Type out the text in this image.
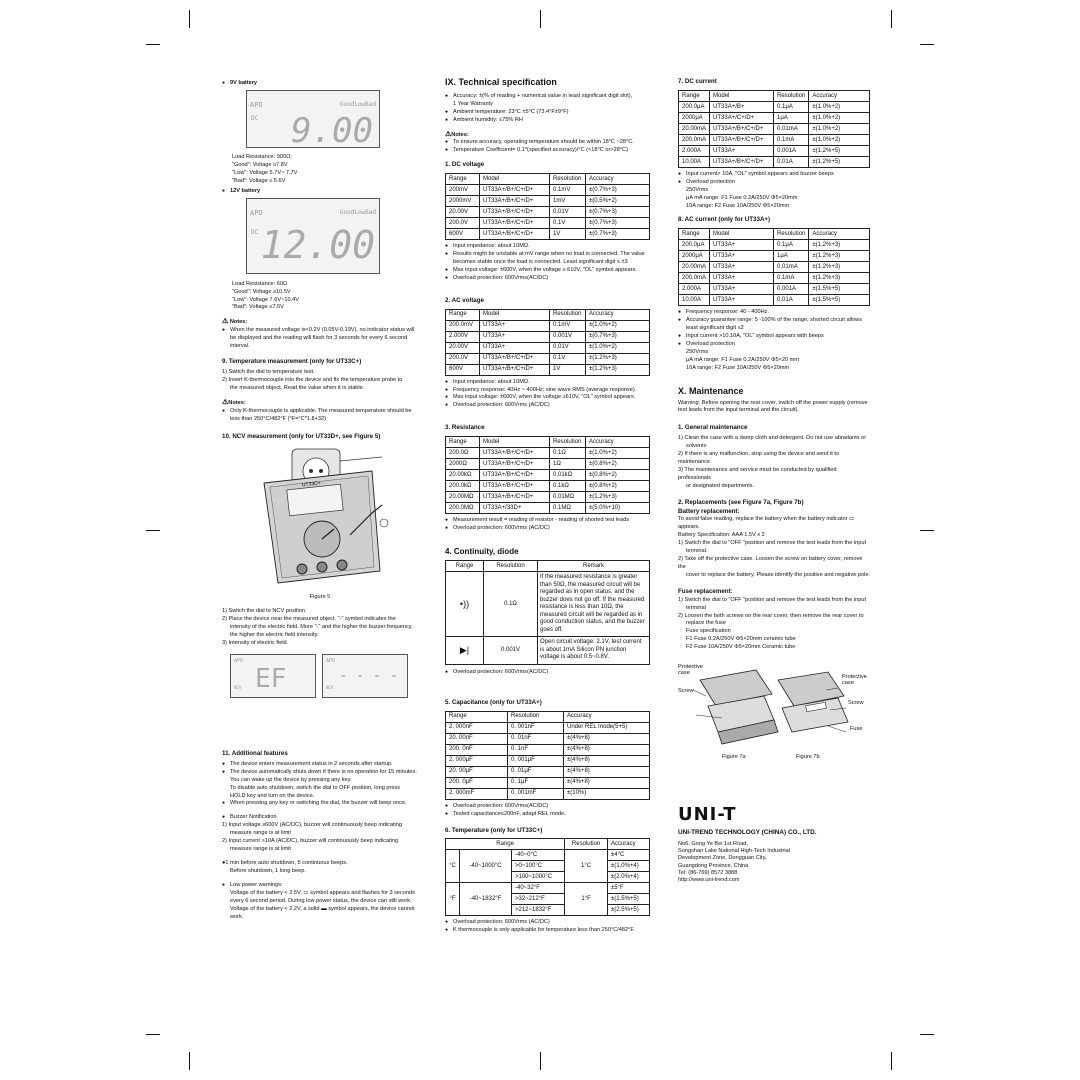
● 9V battery
APO
DC
GoodLowBad
9.00
Load Resistance: 900Ω;
"Good": Voltage ≥7.8V
"Low": Voltage 5.7V~ 7.7V
"Bad": Voltage ≤ 5.6V
● 12V battery
APO
DC
GoodLowBad
12.00
Load Resistance: 60Ω
"Good": Voltage ≥10.5V
"Low": Voltage 7.6V~10.4V
"Bad": Voltage ≤7.5V
⚠ Notes:
● When the measured voltage is<0.2V (0.05V-0.19V), no indicator status will be displayed and the reading will flash for 3 seconds for every 6 second interval.
9. Temperature measurement (only for UT33C+)
1) Switch the dial to temperature test.
2) Insert K-thermocouple into the device and fix the temperature probe to
the measured object. Read the value when it is stable.
⚠Notes:
● Only K-thermocouple is applicable. The measured temperature should be less than 250°C/482°F (°F=°C*1.8+32)
10. NCV measurement (only for UT33D+, see Figure 5)
UT33D+
Figure 5
1) Switch the dial to NCV position
2) Place the device near the measured object. "-" symbol indicates the
intensity of the electric field. More "-" and the higher the buzzer frequency,
the higher the electric field intensity.
3) Intensity of electric field.
APO
NCV EF
APO
NCV
- - - -
11. Additional features
● The device enters measurement status in 2 seconds after startup.
● The device automatically shuts down if there is no operation for 15 minutes.
You can wake up the device by pressing any key.
To disable auto shutdown, switch the dial to OFF position, long press
HOLD key and turn on the device.
● When pressing any key or switching the dial, the buzzer will beep once.
● Buzzer Notification
1) Input voltage ≥600V (AC/DC), buzzer will continuously beep indicating
measure range is at limit
2) Input current >10A (AC/DC), buzzer will continuously beep indicating
measure range is at limit
●1 min before auto shutdown, 5 continuous beeps.
Before shutdown, 1 long beep.
● Low power warnings:
Voltage of the battery < 2.5V, ▭ symbol appears and flashes for 3 seconds
every 6 second period. During low power status, the device can still work.
Voltage of the battery < 2.2V, a solid ▬ symbol appears, the device cannot
work.
IX. Technical specification
● Accuracy: ±(% of reading + numerical value in least significant digit slot),
1 Year Warranty
● Ambient temperature: 23°C ±5°C (73.4°F±9°F)
● Ambient humidity: ≤75% RH
⚠Notes:
● To ensure accuracy, operating temperature should be within 18°C ~28°C.
● Temperature Coefficient= 0.1*(specified accuracy)/°C (<18°C or>28°C)
1. DC voltage
Range	Model	Resolution	Accuracy
200mV	UT33A+/B+/C+/D+	0.1mV	±(0.7%+3)
2000mV	UT33A+/B+/C+/D+	1mV	±(0.5%+2)
20.00V	UT33A+/B+/C+/D+	0.01V	±(0.7%+3)
200.0V	UT33A+/B+/C+/D+	0.1V	±(0.7%+3)
600V	UT33A+/B+/C+/D+	1V	±(0.7%+3)
● Input impedance: about 10MΩ.
● Results might be unstable at mV range when no load is connected. The value becomes stable once the load is connected. Least significant digit ≤ ±3
● Max input voltage: ±600V, when the voltage ≥ 610V, "OL" symbol appears.
● Overload protection: 600Vrms(AC/DC)
2. AC voltage
Range	Model	Resolution	Accuracy
200.0mV	UT33A+	0.1mV	±(1.0%+2)
2.000V	UT33A+	0.001V	±(0.7%+3)
20.00V	UT33A+	0.01V	±(1.0%+2)
200.0V	UT33A+/B+/C+/D+	0.1V	±(1.2%+3)
600V	UT33A+/B+/C+/D+	1V	±(1.2%+3)
● Input impedance: about 10MΩ.
● Frequency response: 40Hz ~ 400Hz; sine wave RMS (average response).
● Max input voltage: ±600V, when the voltage ≥610V, "OL" symbol appears.
● Overload protection: 600Vrms (AC/DC)
3. Resistance
Range	Model	Resolution	Accuracy
200.0Ω	UT33A+/B+/C+/D+	0.1Ω	±(1.0%+2)
2000Ω	UT33A+/B+/C+/D+	1Ω	±(0.8%+2)
20.00kΩ	UT33A+/B+/C+/D+	0.01kΩ	±(0.8%+2)
200.0kΩ	UT33A+/B+/C+/D+	0.1kΩ	±(0.8%+2)
20.00MΩ	UT33A+/B+/C+/D+	0.01MΩ	±(1.2%+3)
200.0MΩ	UT33A+/33D+	0.1MΩ	±(5.0%+10)
● Measurement result = reading of resistor - reading of shorted test leads
● Overload protection: 600Vrms (AC/DC)
4. Continuity, diode
Range	Resolution	Remark
•))	0.1Ω	If the measured resistance is greater than 50Ω, the measured circuit will be regarded as in open status, and the buzzer does not go off. If the measured resistance is less than 10Ω, the measured circuit will be regarded as in good conduction status, and the buzzer goes off.
▶|	0.001V	Open circuit voltage: 2.1V, test current is about 1mA Silicon PN junction voltage is about 0.5~0.8V.
● Overload protection: 600Vrms(AC/DC)
5. Capacitance (only for UT33A+)
Range	Resolution	Accuracy
2. 000nF	0. 001nF	Under REL mode(5+5)
20. 00nF	0. 01nF	±(4%+8)
200. 0nF	0. 1nF	±(4%+8)
2. 000μF	0. 001μF	±(4%+8)
20. 00μF	0. 01μF	±(4%+8)
200. 0μF	0. 1μF	±(4%+8)
2. 000mF	0. 001mF	±(10%)
● Overload protection: 600Vrms(AC/DC)
● Tested capacitance≤200nF, adapt REL mode.
6. Temperature (only for UT33C+)
Range			Resolution	Accuracy
°C	-40~1000°C	-40~0°C	1°C	±4°C
		>0~100°C		±(1.0%+4)
		>100~1000°C		±(2.0%+4)
°F	-40~1832°F	-40~32°F	1°F	±5°F
		>32~212°F		±(1.5%+5)
		>212~1832°F		±(2.5%+5)
● Overload protection: 600Vrms (AC/DC)
● K thermocouple is only applicable for temperature less than 250°C/482°F.
7. DC current
Range	Model	Resolution	Accuracy
200.0μA	UT33A+/B+	0.1μA	±(1.0%+2)
2000μA	UT33A+/C+/D+	1μA	±(1.0%+2)
20.00mA	UT33A+/B+/C+/D+	0.01mA	±(1.0%+2)
200.0mA	UT33A+/B+/C+/D+	0.1mA	±(1.0%+2)
2.000A	UT33A+	0.001A	±(1.2%+5)
10.00A	UT33A+/B+/C+/D+	0.01A	±(1.2%+5)
● Input current> 10A, "OL" symbol appears and buzzer beeps
● Overload protection
250Vrms
μA mA range: F1 Fuse 0.2A/250V Φ5×20mm
10A range: F2 Fuse 10A/250V Φ5×20mm
8. AC current (only for UT33A+)
Range	Model	Resolution	Accuracy
200.0μA	UT33A+	0.1μA	±(1.2%+3)
2000μA	UT33A+	1μA	±(1.2%+3)
20.00mA	UT33A+	0.01mA	±(1.2%+3)
200.0mA	UT33A+	0.1mA	±(1.2%+3)
2.000A	UT33A+	0.001A	±(1.5%+5)
10.00A	UT33A+	0.01A	±(1.5%+5)
● Frequency response: 40 - 400Hz.
● Accuracy guarantee range: 5 -100% of the range, shorted circuit allows least significant digit ≤2
● Input current >10.10A, "OL" symbol appears with beeps
● Overload protection
250Vrms
μA mA range: F1 Fuse 0.2A/250V Φ5×20 mm
10A range: F2 Fuse 10A/250V Φ5×20mm
X. Maintenance
Warning: Before opening the rear cover, switch off the power supply (remove test leads from the input terminal and the circuit).
1. General maintenance
1) Clean the case with a damp cloth and detergent. Do not use abradants or
solvents
2) If there is any malfunction, stop using the device and send it to maintenance.
3) The maintenance and service must be conducted by qualified professionals
or designated departments.
2. Replacements (see Figure 7a, Figure 7b)
Battery replacement:
To avoid false reading, replace the battery when the battery indicator ▭ appears.
Battery Specification: AAA 1.5V x 2
1) Switch the dial to "OFF "position and remove the test leads from the input
terminal.
2) Take off the protective case. Loosen the screw on battery cover, remove the
cover to replace the battery. Please identify the positive and negative pole.
Fuse replacement:
1) Switch the dial to "OFF "position and remove the test leads from the input
terminal
2) Loosen the both screws on the rear cover, then remove the rear cover to
replace the fuse
Fuse specification
F1 Fuse 0.2A/250V Φ5×20mm ceramic tube
F2 Fuse 10A/250V Φ5×20mm Ceramic tube
Protective case
Screw
Protective case
Screw
Fuse
Figure 7a	Figure 7b
UNI-T
UNI-TREND TECHNOLOGY (CHINA) CO., LTD.
No6, Gong Ye Bei 1st Road,
Songshan Lake National High-Tech Industrial
Development Zone, Dongguan City,
Guangdong Province, China
Tel: (86-769) 8572 3888
http://www.uni-trend.com
